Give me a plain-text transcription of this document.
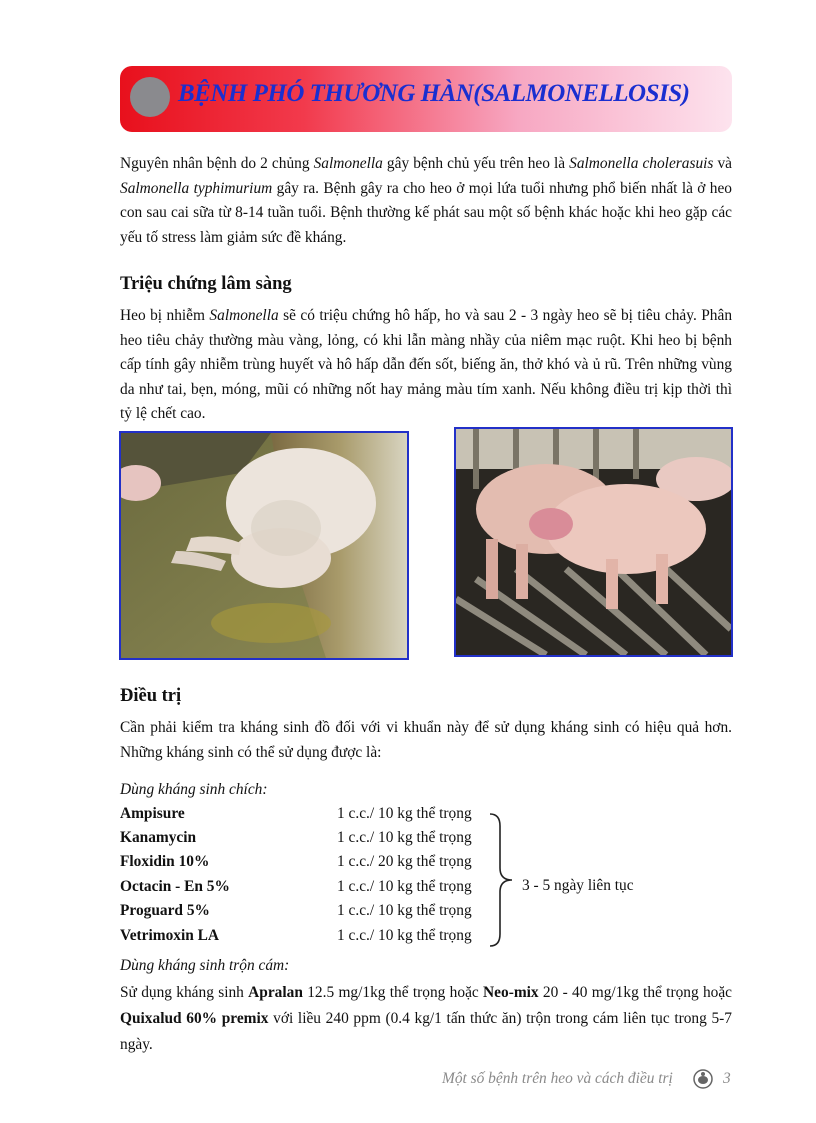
BỆNH PHÓ THƯƠNG HÀN(SALMONELLOSIS)

Nguyên nhân bệnh do 2 chủng Salmonella gây bệnh chủ yếu trên heo là Salmonella cholerasuis và Salmonella typhimurium gây ra. Bệnh gây ra cho heo ở mọi lứa tuổi nhưng phổ biến nhất là ở heo con sau cai sữa từ 8-14 tuần tuổi. Bệnh thường kế phát sau một số bệnh khác hoặc khi heo gặp các yếu tố stress làm giảm sức đề kháng.

Triệu chứng lâm sàng

Heo bị nhiễm Salmonella sẽ có triệu chứng hô hấp, ho và sau 2 - 3 ngày heo sẽ bị tiêu chảy. Phân heo tiêu chảy thường màu vàng, lỏng, có khi lẫn màng nhầy của niêm mạc ruột. Khi heo bị bệnh cấp tính gây nhiễm trùng huyết và hô hấp dẫn đến sốt, biếng ăn, thở khó và ủ rũ. Trên những vùng da như tai, bẹn, móng, mũi có những nốt hay mảng màu tím xanh. Nếu không điều trị kịp thời thì tỷ lệ chết cao.

Điều trị

Cần phải kiểm tra kháng sinh đồ đối với vi khuẩn này để sử dụng kháng sinh có hiệu quả hơn. Những kháng sinh có thể sử dụng được là:

Dùng kháng sinh chích:
Ampisure	1 c.c./ 10 kg thể trọng
Kanamycin	1 c.c./ 10 kg thể trọng
Floxidin 10%	1 c.c./ 20 kg thể trọng
Octacin - En 5%	1 c.c./ 10 kg thể trọng
Proguard 5%	1 c.c./ 10 kg thể trọng
Vetrimoxin LA	1 c.c./ 10 kg thể trọng
3 - 5 ngày liên tục
Dùng kháng sinh trộn cám:

Sử dụng kháng sinh Apralan 12.5 mg/1kg thể trọng hoặc Neo-mix 20 - 40 mg/1kg thể trọng hoặc Quixalud 60% premix với liều 240 ppm (0.4 kg/1 tấn thức ăn) trộn trong cám liên tục trong 5-7 ngày.

Một số bệnh trên heo và cách điều trị	3
